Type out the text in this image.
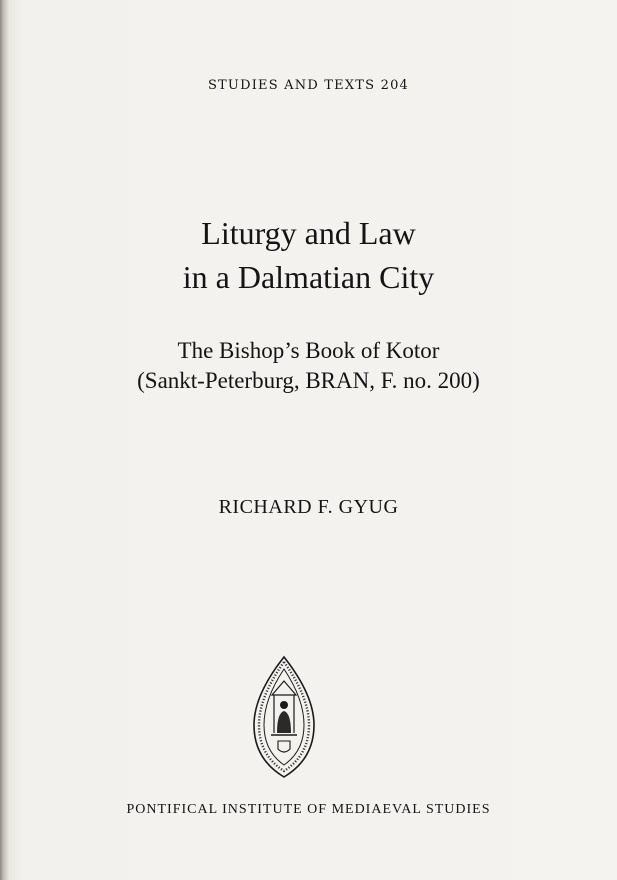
STUDIES AND TEXTS 204
Liturgy and Law
in a Dalmatian City
The Bishop’s Book of Kotor
(Sankt-Peterburg, BRAN, F. no. 200)
RICHARD F. GYUG
PONTIFICAL INSTITUTE OF MEDIAEVAL STUDIES
